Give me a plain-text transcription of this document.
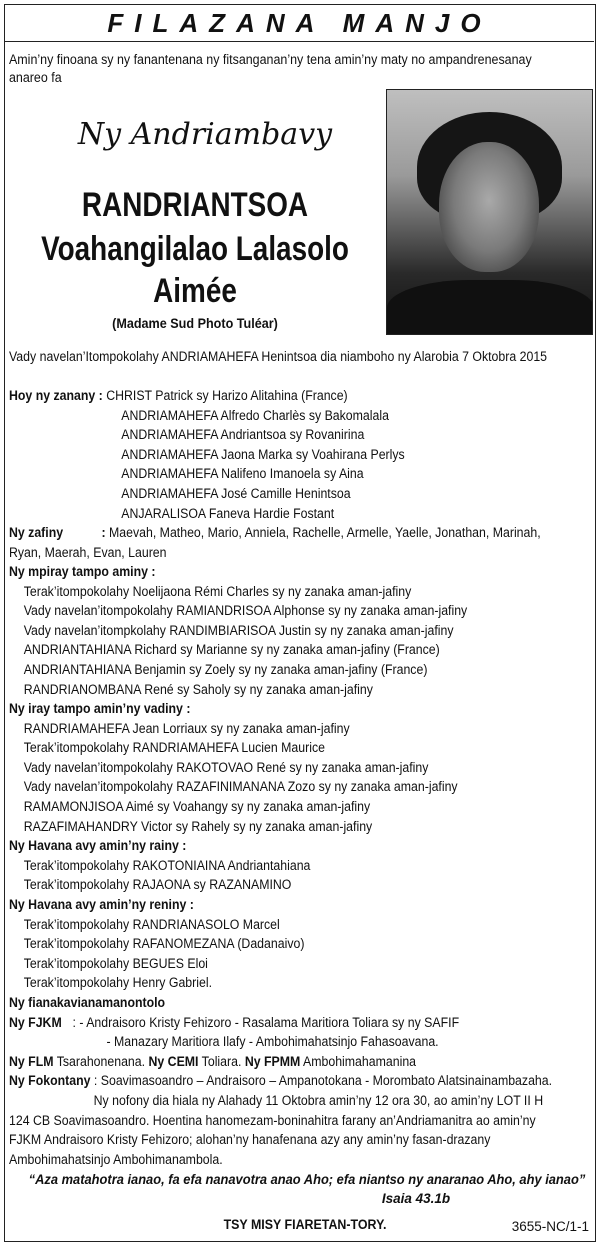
FILAZANA MANJO
Amin’ny finoana sy ny fanantenana ny fitsanganan’ny tena amin’ny maty no ampandrenesanay
anareo fa
Ny Andriambavy
RANDRIANTSOA
Voahangilalao Lalasolo
Aimée
(Madame Sud Photo Tuléar)
Vady navelan’Itompokolahy ANDRIAMAHEFA Henintsoa dia niamboho ny Alarobia 7 Oktobra 2015
Hoy ny zanany : CHRIST Patrick sy Harizo Alitahina (France)
ANDRIAMAHEFA Alfredo Charlès sy Bakomalala
ANDRIAMAHEFA Andriantsoa sy Rovanirina
ANDRIAMAHEFA Jaona Marka sy Voahirana Perlys
ANDRIAMAHEFA Nalifeno Imanoela sy Aina
ANDRIAMAHEFA José Camille Henintsoa
ANJARALISOA Faneva Hardie Fostant
Ny zafiny	: Maevah, Matheo, Mario, Anniela, Rachelle, Armelle, Yaelle, Jonathan, Marinah,
Ryan, Maerah, Evan, Lauren
Ny mpiray tampo aminy :
Terak’itompokolahy Noelijaona Rémi Charles sy ny zanaka aman-jafiny
Vady navelan’itompokolahy RAMIANDRISOA Alphonse sy ny zanaka aman-jafiny
Vady navelan’itompkolahy RANDIMBIARISOA Justin sy ny zanaka aman-jafiny
ANDRIANTAHIANA Richard sy Marianne sy ny zanaka aman-jafiny (France)
ANDRIANTAHIANA Benjamin sy Zoely sy ny zanaka aman-jafiny (France)
RANDRIANOMBANA René sy Saholy sy ny zanaka aman-jafiny
Ny iray tampo amin’ny vadiny :
RANDRIAMAHEFA Jean Lorriaux sy ny zanaka aman-jafiny
Terak’itompokolahy RANDRIAMAHEFA Lucien Maurice
Vady navelan’itompokolahy RAKOTOVAO René sy ny zanaka aman-jafiny
Vady navelan’itompokolahy RAZAFINIMANANA Zozo sy ny zanaka aman-jafiny
RAMAMONJISOA Aimé sy Voahangy sy ny zanaka aman-jafiny
RAZAFIMAHANDRY Victor sy Rahely sy ny zanaka aman-jafiny
Ny Havana avy amin’ny rainy :
Terak’itompokolahy RAKOTONIAINA Andriantahiana
Terak’itompokolahy RAJAONA sy RAZANAMINO
Ny Havana avy amin’ny reniny :
Terak’itompokolahy RANDRIANASOLO Marcel
Terak’itompokolahy RAFANOMEZANA (Dadanaivo)
Terak’itompokolahy BEGUES Eloi
Terak’itompokolahy Henry Gabriel.
Ny fianakavianamanontolo
Ny FJKM : - Andraisoro Kristy Fehizoro - Rasalama Maritiora Toliara sy ny SAFIF
- Manazary Maritiora Ilafy - Ambohimahatsinjo Fahasoavana.
Ny FLM Tsarahonenana. Ny CEMI Toliara. Ny FPMM Ambohimahamanina
Ny Fokontany : Soavimasoandro – Andraisoro – Ampanotokana - Morombato Alatsinainambazaha.
Ny nofony dia hiala ny Alahady 11 Oktobra amin’ny 12 ora 30, ao amin’ny LOT II H
124 CB Soavimasoandro. Hoentina hanomezam-boninahitra farany an’Andriamanitra ao amin’ny
FJKM Andraisoro Kristy Fehizoro; alohan’ny hanafenana azy any amin’ny fasan-drazany
Ambohimahatsinjo Ambohimanambola.
“Aza matahotra ianao, fa efa nanavotra anao Aho; efa niantso ny anaranao Aho, ahy ianao”
Isaia 43.1b
TSY MISY FIARETAN-TORY.	3655-NC/1-1
